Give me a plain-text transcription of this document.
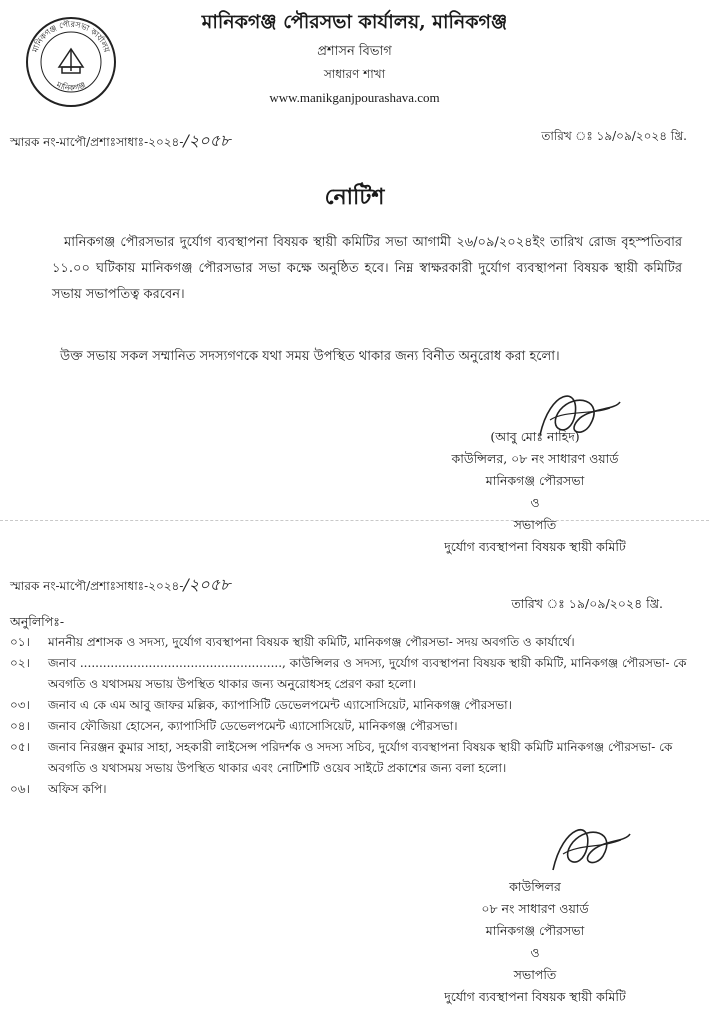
মানিকগঞ্জ পৌরসভা কার্যালয়
মানিকগঞ্জ
মানিকগঞ্জ পৌরসভা কার্যালয়, মানিকগঞ্জ
প্রশাসন বিভাগ
সাধারণ শাখা
www.manikganjpourashava.com
স্মারক নং-মাপৌ/প্রশাঃসাধাঃ-২০২৪-/২০৫৮	তারিখ ঃ ১৯/০৯/২০২৪ খ্রি.
নোটিশ
মানিকগঞ্জ পৌরসভার দুর্যোগ ব্যবস্থাপনা বিষয়ক স্থায়ী কমিটির সভা আগামী ২৬/০৯/২০২৪ইং তারিখ রোজ বৃহস্পতিবার ১১.০০ ঘটিকায় মানিকগঞ্জ পৌরসভার সভা কক্ষে অনুষ্ঠিত হবে। নিম্ন স্বাক্ষরকারী দুর্যোগ ব্যবস্থাপনা বিষয়ক স্থায়ী কমিটির সভায় সভাপতিত্ব করবেন।
উক্ত সভায় সকল সম্মানিত সদস্যগণকে যথা সময় উপস্থিত থাকার জন্য বিনীত অনুরোধ করা হলো।
(আবু মোঃ নাহিদ)
কাউন্সিলর, ০৮ নং সাধারণ ওয়ার্ড
মানিকগঞ্জ পৌরসভা
ও
সভাপতি
দুর্যোগ ব্যবস্থাপনা বিষয়ক স্থায়ী কমিটি
স্মারক নং-মাপৌ/প্রশাঃসাধাঃ-২০২৪-/২০৫৮
তারিখ ঃ ১৯/০৯/২০২৪ খ্রি.
অনুলিপিঃ-
০১।	মাননীয় প্রশাসক ও সদস্য, দুর্যোগ ব্যবস্থাপনা বিষয়ক স্থায়ী কমিটি, মানিকগঞ্জ পৌরসভা- সদয় অবগতি ও কার্যার্থে।
০২।	জনাব ....................................................., কাউন্সিলর ও সদস্য, দুর্যোগ ব্যবস্থাপনা বিষয়ক স্থায়ী কমিটি, মানিকগঞ্জ পৌরসভা- কে অবগতি ও যথাসময় সভায় উপস্থিত থাকার জন্য অনুরোধসহ প্রেরণ করা হলো।
০৩।	জনাব এ কে এম আবু জাফর মল্লিক, ক্যাপাসিটি ডেভেলপমেন্ট এ্যাসোসিয়েট, মানিকগঞ্জ পৌরসভা।
০৪।	জনাব ফৌজিয়া হোসেন, ক্যাপাসিটি ডেভেলপমেন্ট এ্যাসোসিয়েট, মানিকগঞ্জ পৌরসভা।
০৫।	জনাব নিরঞ্জন কুমার সাহা, সহকারী লাইসেন্স পরিদর্শক ও সদস্য সচিব, দুর্যোগ ব্যবস্থাপনা বিষয়ক স্থায়ী কমিটি মানিকগঞ্জ পৌরসভা- কে অবগতি ও যথাসময় সভায় উপস্থিত থাকার এবং নোটিশটি ওয়েব সাইটে প্রকাশের জন্য বলা হলো।
০৬।	অফিস কপি।
কাউন্সিলর
০৮ নং সাধারণ ওয়ার্ড
মানিকগঞ্জ পৌরসভা
ও
সভাপতি
দুর্যোগ ব্যবস্থাপনা বিষয়ক স্থায়ী কমিটি
